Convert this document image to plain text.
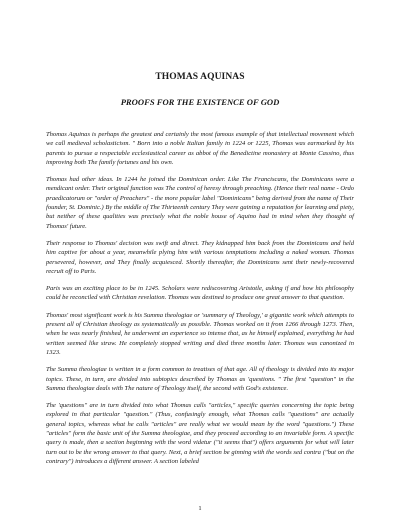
THOMAS AQUINAS
PROOFS FOR THE EXISTENCE OF GOD

Thomas Aquinas is perhaps the greatest and certainly the most famous example of that intellectual movement which we call medieval scholasticism. " Born into a noble Italian family in 1224 or 1225, Thomas was earmarked by his parents to pursue a respectable ecclesiastical career as abbot of the Benedictine monastery at Monte Cassino, thus improving both The family fortunes and his own.

Thomas had other ideas. In 1244 he joined the Dominican order. Like The Franciscans, the Dominicans were a mendicant order. Their original function was The control of heresy through preaching. (Hence their real name - Ordo praedicatorum or "order of Preachers" - the more popular label "Dominicans" being derived from the name of Their founder, St. Dominic.) By the middle of The Thirteenth century They were gaining a reputation for learning and piety, but neither of these qualities was precisely what the noble house of Aquino had in mind when they thought of Thomas' future.

Their response to Thomas' decision was swift and direct. They kidnapped him back from the Dominicans and held him captive for about a year, meanwhile plying him with various temptations including a naked woman. Thomas persevered, however, and They finally acquiesced. Shortly thereafter, the Dominicans sent their newly-recovered recruit off to Paris.

Paris was an exciting place to be in 1245. Scholars were rediscovering Aristotle, asking if and how his philosophy could be reconciled with Christian revelation. Thomas was destined to produce one great answer to that question.

Thomas' most significant work is his Summa theologiae or 'summary of Theology,' a gigantic work which attempts to present all of Christian theology as systematically as possible. Thomas worked on it from 1266 through 1273. Then, when he was nearly finished, he underwent an experience so intense that, as he himself explained, everything he had written seemed like straw. He completely stopped writing and died three months later. Thomas was canonized in 1323.

The Summa theologiae is written in a form common to treatises of that age. All of theology is divided into its major topics. These, in turn, are divided into subtopics described by Thomas as 'questions. " The first "question" in the Summa theologiae deals with The nature of Theology itself, the second with God's existence.

The 'questions" are in turn divided into what Thomas calls "articles," specific queries concerning the topic being explored in that particular "question." (Thus, confusingly enough, what Thomas calls "questions" are actually general topics, whereas what he calls "articles" are really what we would mean by the word "questions.") These "articles" form the basic unit of the Summa theologiae, and they proceed according to an invariable form. A specific query is made, then a section beginning with the word videtur ("it seems that") offers arguments for what will later turn out to be the wrong answer to that query. Next, a brief section be ginning with the words sed contra ("but on the contrary") introduces a different answer. A section labeled

1
